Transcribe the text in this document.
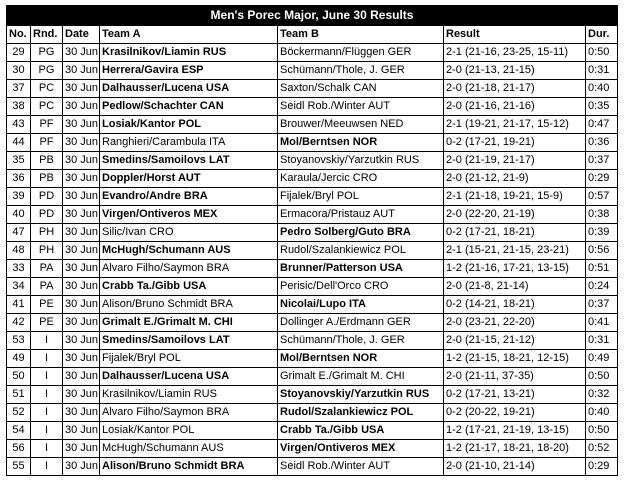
Men's Porec Major, June 30 Results						
No.	Rnd.	Date	Team A	Team B	Result	Dur.
29	PG	30 Jun	Krasilnikov/Liamin RUS	Böckermann/Flüggen GER	2-1 (21-16, 23-25, 15-11)	0:50
30	PG	30 Jun	Herrera/Gavira ESP	Schümann/Thole, J. GER	2-0 (21-13, 21-15)	0:31
37	PC	30 Jun	Dalhausser/Lucena USA	Saxton/Schalk CAN	2-0 (21-18, 21-17)	0:40
38	PC	30 Jun	Pedlow/Schachter CAN	Seidl Rob./Winter AUT	2-0 (21-16, 21-16)	0:35
43	PF	30 Jun	Losiak/Kantor POL	Brouwer/Meeuwsen NED	2-1 (19-21, 21-17, 15-12)	0:47
44	PF	30 Jun	Ranghieri/Carambula ITA	Mol/Berntsen NOR	0-2 (17-21, 19-21)	0:36
35	PB	30 Jun	Smedins/Samoilovs LAT	Stoyanovskiy/Yarzutkin RUS	2-0 (21-19, 21-17)	0:37
36	PB	30 Jun	Doppler/Horst AUT	Karaula/Jercic CRO	2-0 (21-12, 21-9)	0:29
39	PD	30 Jun	Evandro/Andre BRA	Fijalek/Bryl POL	2-1 (21-18, 19-21, 15-9)	0:57
40	PD	30 Jun	Virgen/Ontiveros MEX	Ermacora/Pristauz AUT	2-0 (22-20, 21-19)	0:38
47	PH	30 Jun	Silic/Ivan CRO	Pedro Solberg/Guto BRA	0-2 (17-21, 18-21)	0:39
48	PH	30 Jun	McHugh/Schumann AUS	Rudol/Szalankiewicz POL	2-1 (15-21, 21-15, 23-21)	0:56
33	PA	30 Jun	Alvaro Filho/Saymon BRA	Brunner/Patterson USA	1-2 (21-16, 17-21, 13-15)	0:51
34	PA	30 Jun	Crabb Ta./Gibb USA	Perisic/Dell'Orco CRO	2-0 (21-8, 21-14)	0:24
41	PE	30 Jun	Alison/Bruno Schmidt BRA	Nicolai/Lupo ITA	0-2 (14-21, 18-21)	0:37
42	PE	30 Jun	Grimalt E./Grimalt M. CHI	Dollinger A./Erdmann GER	2-0 (23-21, 22-20)	0:41
53	I	30 Jun	Smedins/Samoilovs LAT	Schümann/Thole, J. GER	2-0 (21-15, 21-12)	0:31
49	I	30 Jun	Fijalek/Bryl POL	Mol/Berntsen NOR	1-2 (21-15, 18-21, 12-15)	0:49
50	I	30 Jun	Dalhausser/Lucena USA	Grimalt E./Grimalt M. CHI	2-0 (21-11, 37-35)	0:50
51	I	30 Jun	Krasilnikov/Liamin RUS	Stoyanovskiy/Yarzutkin RUS	0-2 (17-21, 13-21)	0:32
52	I	30 Jun	Alvaro Filho/Saymon BRA	Rudol/Szalankiewicz POL	0-2 (20-22, 19-21)	0:40
54	I	30 Jun	Losiak/Kantor POL	Crabb Ta./Gibb USA	1-2 (17-21, 21-19, 13-15)	0:50
56	I	30 Jun	McHugh/Schumann AUS	Virgen/Ontiveros MEX	1-2 (21-17, 18-21, 18-20)	0:52
55	I	30 Jun	Alison/Bruno Schmidt BRA	Seidl Rob./Winter AUT	2-0 (21-10, 21-14)	0:29
